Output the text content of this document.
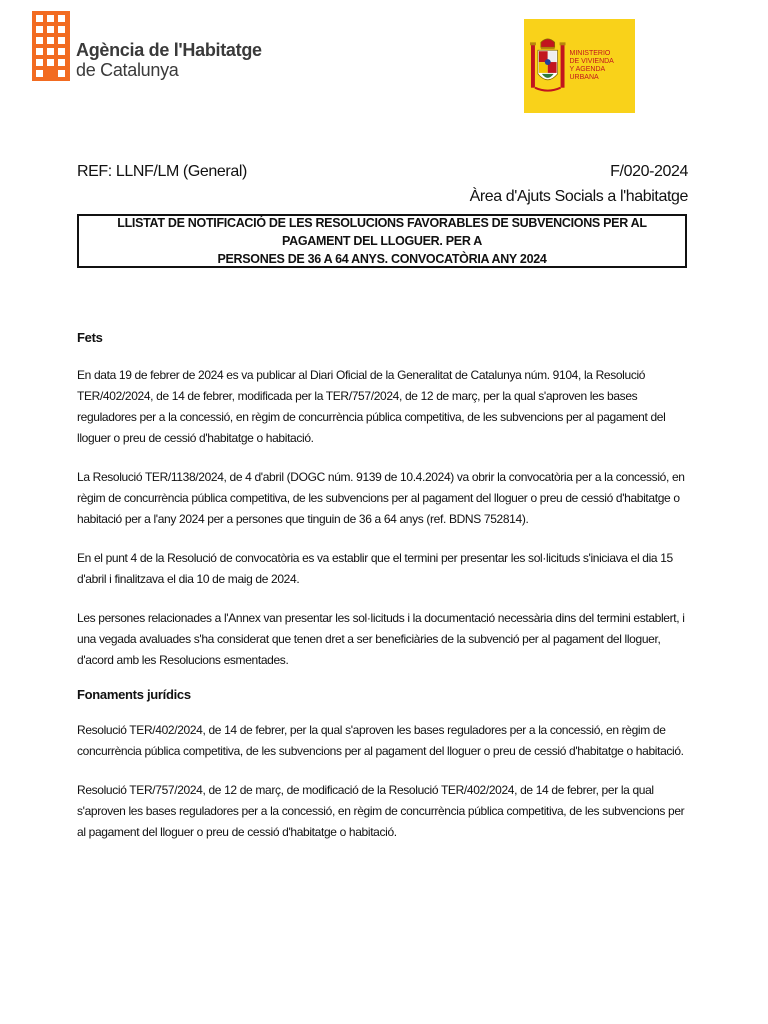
Agència de l'Habitatge
de Catalunya
MINISTERIO
DE VIVIENDA
Y AGENDA URBANA
REF: LLNF/LM (General)	F/020-2024
Àrea d'Ajuts Socials a l'habitatge
LLISTAT DE NOTIFICACIÓ DE LES RESOLUCIONS FAVORABLES DE SUBVENCIONS PER AL PAGAMENT DEL LLOGUER. PER A
PERSONES DE 36 A 64 ANYS. CONVOCATÒRIA ANY 2024

Fets

En data 19 de febrer de 2024 es va publicar al Diari Oficial de la Generalitat de Catalunya núm. 9104, la Resolució TER/402/2024, de 14 de febrer, modificada per la TER/757/2024, de 12 de març, per la qual s'aproven les bases reguladores per a la concessió, en règim de concurrència pública competitiva, de les subvencions per al pagament del lloguer o preu de cessió d'habitatge o habitació.

La Resolució TER/1138/2024, de 4 d'abril (DOGC núm. 9139 de 10.4.2024) va obrir la convocatòria per a la concessió, en règim de concurrència pública competitiva, de les subvencions per al pagament del lloguer o preu de cessió d'habitatge o habitació per a l'any 2024 per a persones que tinguin de 36 a 64 anys (ref. BDNS 752814).

En el punt 4 de la Resolució de convocatòria es va establir que el termini per presentar les sol·licituds s'iniciava el dia 15 d'abril i finalitzava el dia 10 de maig de 2024.

Les persones relacionades a l'Annex van presentar les sol·licituds i la documentació necessària dins del termini establert, i una vegada avaluades s'ha considerat que tenen dret a ser beneficiàries de la subvenció per al pagament del lloguer, d'acord amb les Resolucions esmentades.

Fonaments jurídics

Resolució TER/402/2024, de 14 de febrer, per la qual s'aproven les bases reguladores per a la concessió, en règim de concurrència pública competitiva, de les subvencions per al pagament del lloguer o preu de cessió d'habitatge o habitació.

Resolució TER/757/2024, de 12 de març, de modificació de la Resolució TER/402/2024, de 14 de febrer, per la qual s'aproven les bases reguladores per a la concessió, en règim de concurrència pública competitiva, de les subvencions per al pagament del lloguer o preu de cessió d'habitatge o habitació.
